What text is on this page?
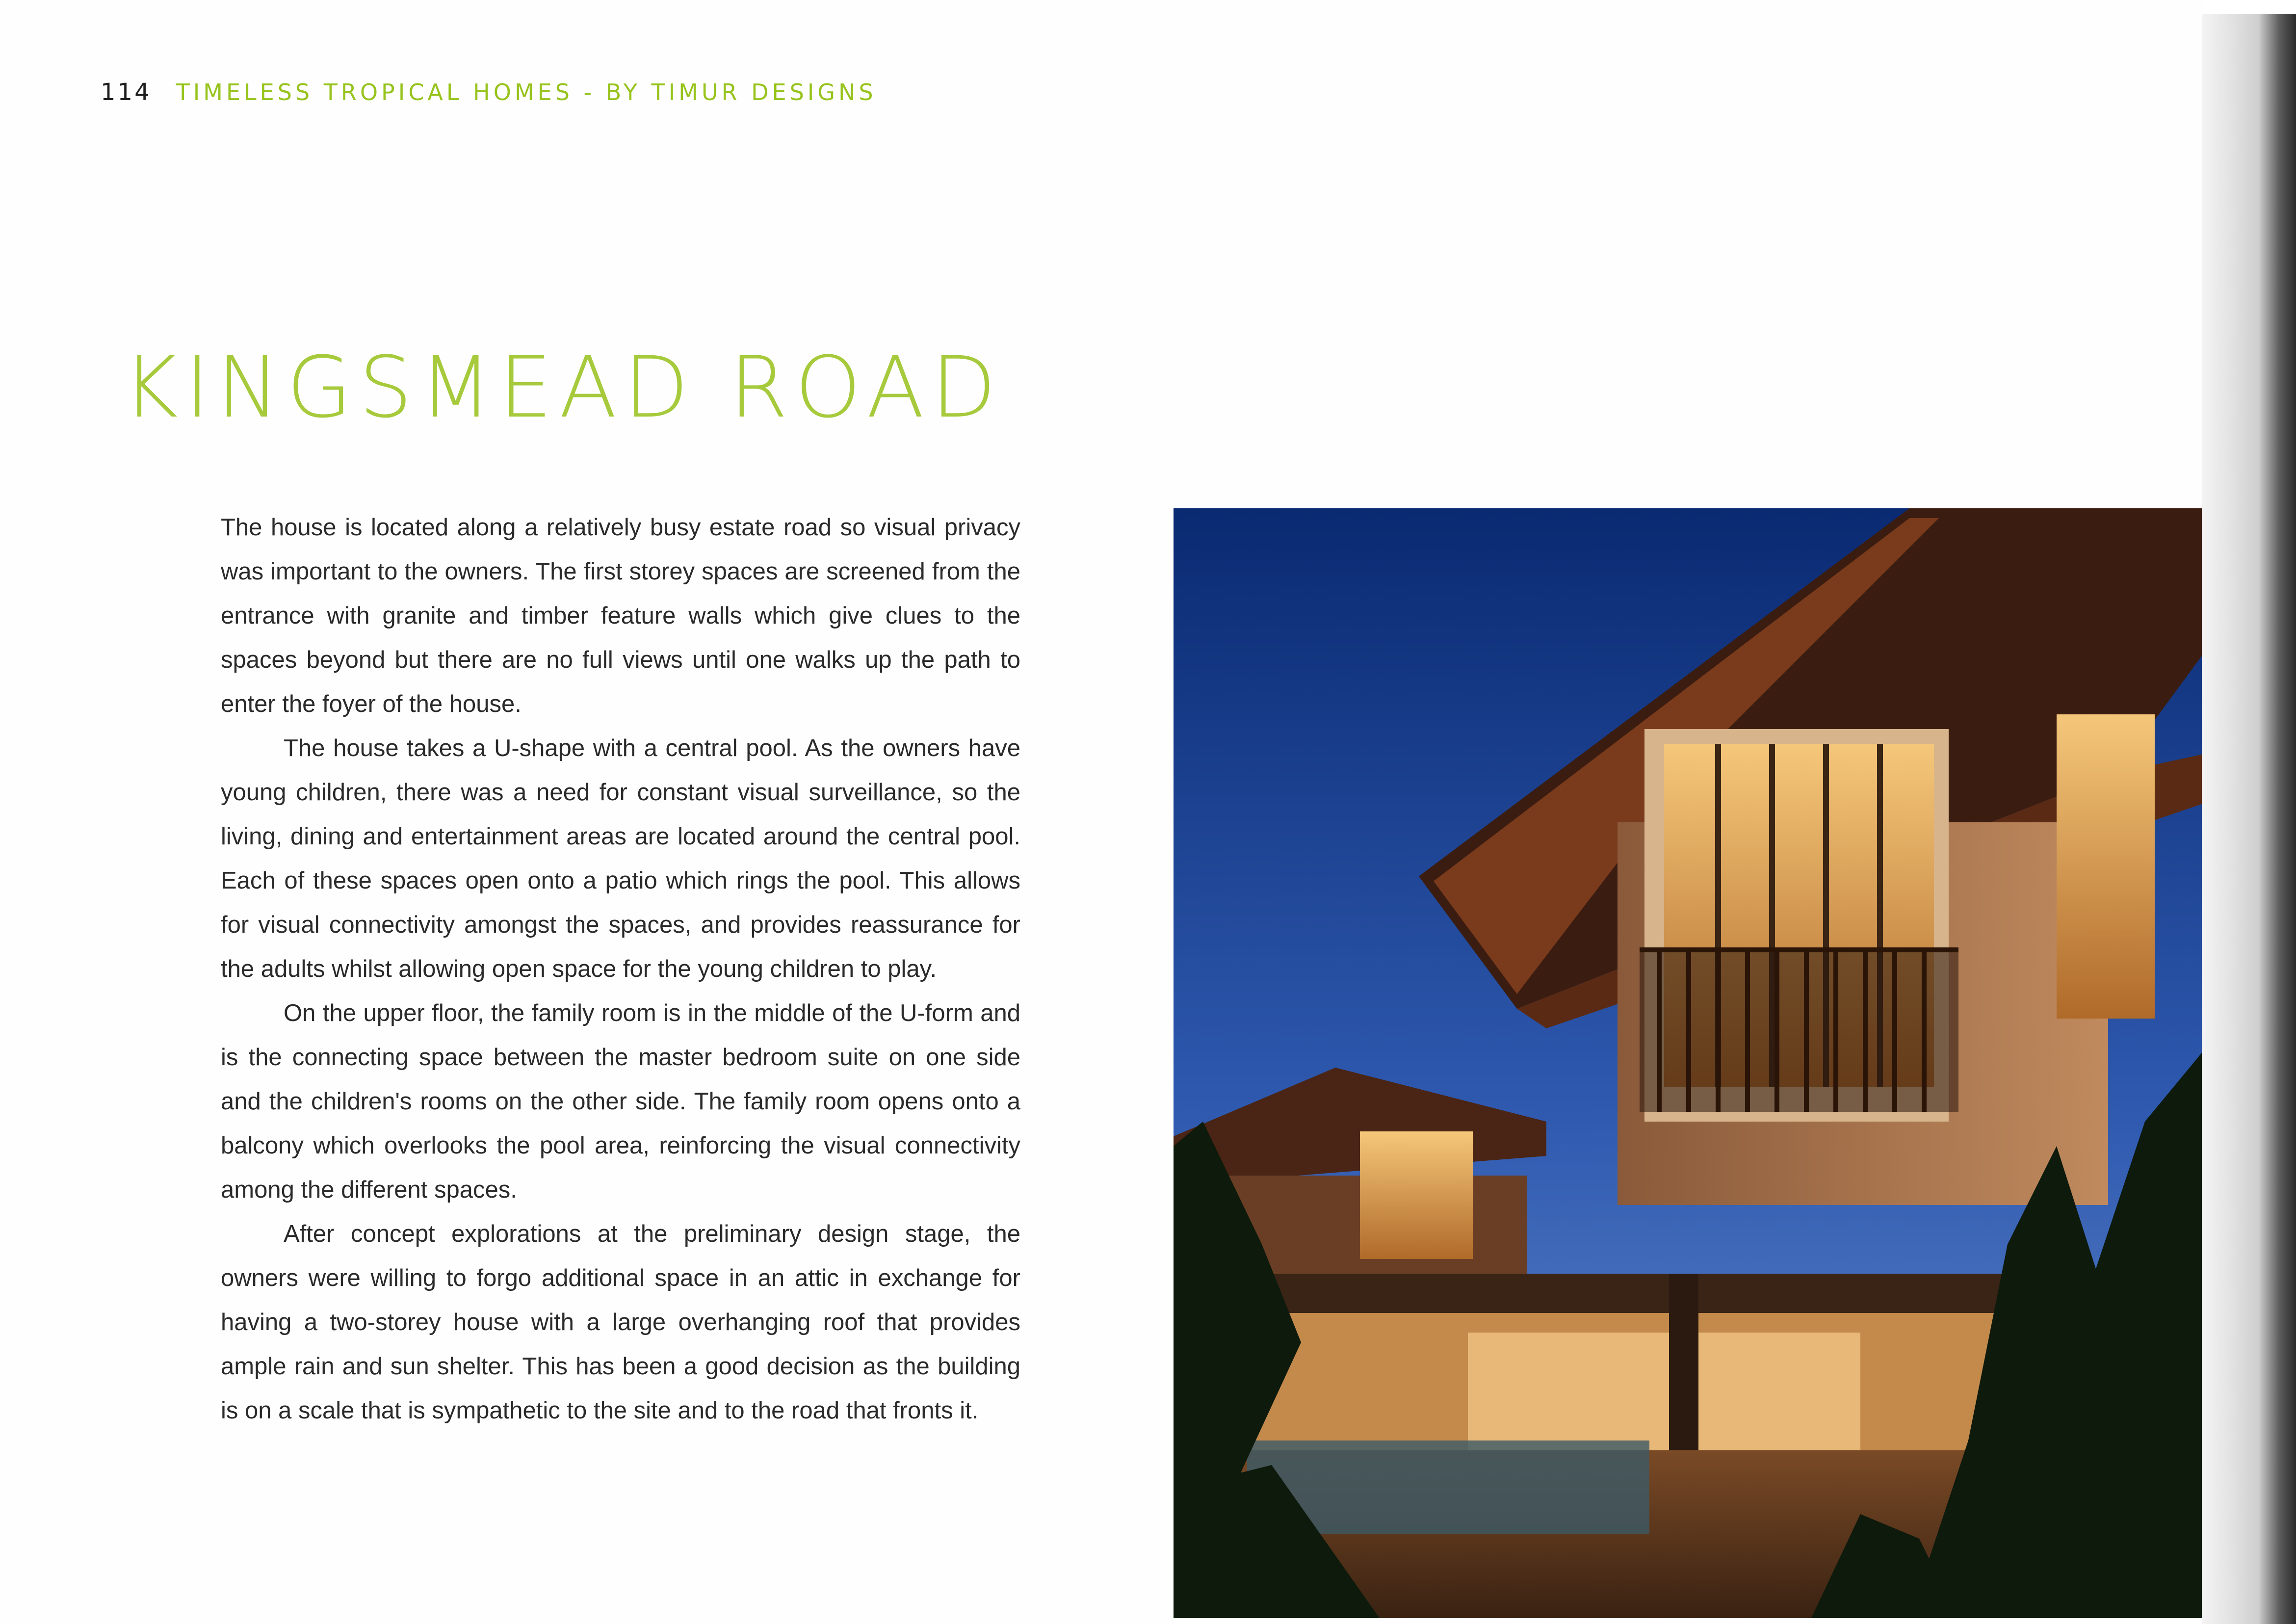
114 TIMELESS TROPICAL HOMES - BY TIMUR DESIGNS
KINGSMEAD ROAD

The house is located along a relatively busy estate road so visual privacy was important to the owners. The first storey spaces are screened from the entrance with granite and timber feature walls which give clues to the spaces beyond but there are no full views until one walks up the path to enter the foyer of the house.

The house takes a U-shape with a central pool. As the owners have young children, there was a need for constant visual surveillance, so the living, dining and entertainment areas are located around the central pool. Each of these spaces open onto a patio which rings the pool. This allows for visual connectivity amongst the spaces, and provides reassurance for the adults whilst allowing open space for the young children to play.

On the upper floor, the family room is in the middle of the U-form and is the connecting space between the master bedroom suite on one side and the children's rooms on the other side. The family room opens onto a balcony which overlooks the pool area, reinforcing the visual connectivity among the different spaces.

After concept explorations at the preliminary design stage, the owners were willing to forgo additional space in an attic in exchange for having a two-storey house with a large overhanging roof that provides ample rain and sun shelter. This has been a good decision as the building is on a scale that is sympathetic to the site and to the road that fronts it.
